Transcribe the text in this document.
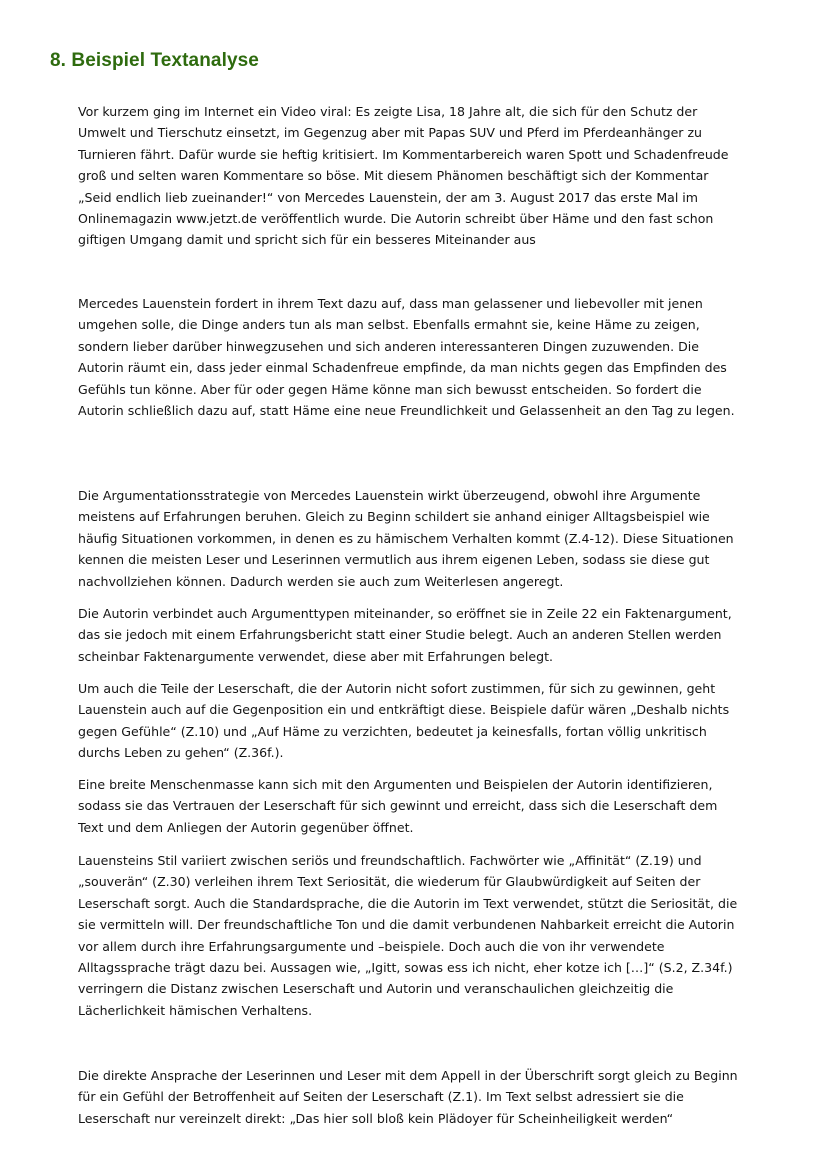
8. Beispiel Textanalyse

Vor kurzem ging im Internet ein Video viral: Es zeigte Lisa, 18 Jahre alt, die sich für den Schutz der Umwelt und Tierschutz einsetzt, im Gegenzug aber mit Papas SUV und Pferd im Pferdeanhänger zu Turnieren fährt. Dafür wurde sie heftig kritisiert. Im Kommentarbereich waren Spott und Schadenfreude groß und selten waren Kommentare so böse. Mit diesem Phänomen beschäftigt sich der Kommentar „Seid endlich lieb zueinander!“ von Mercedes Lauenstein, der am 3. August 2017 das erste Mal im Onlinemagazin www.jetzt.de veröffentlich wurde. Die Autorin schreibt über Häme und den fast schon giftigen Umgang damit und spricht sich für ein besseres Miteinander aus

Mercedes Lauenstein fordert in ihrem Text dazu auf, dass man gelassener und liebevoller mit jenen umgehen solle, die Dinge anders tun als man selbst. Ebenfalls ermahnt sie, keine Häme zu zeigen, sondern lieber darüber hinwegzusehen und sich anderen interessanteren Dingen zuzuwenden. Die Autorin räumt ein, dass jeder einmal Schadenfreue empfinde, da man nichts gegen das Empfinden des Gefühls tun könne. Aber für oder gegen Häme könne man sich bewusst entscheiden. So fordert die Autorin schließlich dazu auf, statt Häme eine neue Freundlichkeit und Gelassenheit an den Tag zu legen.

Die Argumentationsstrategie von Mercedes Lauenstein wirkt überzeugend, obwohl ihre Argumente meistens auf Erfahrungen beruhen. Gleich zu Beginn schildert sie anhand einiger Alltagsbeispiel wie häufig Situationen vorkommen, in denen es zu hämischem Verhalten kommt (Z.4-12). Diese Situationen kennen die meisten Leser und Leserinnen vermutlich aus ihrem eigenen Leben, sodass sie diese gut nachvollziehen können. Dadurch werden sie auch zum Weiterlesen angeregt.

Die Autorin verbindet auch Argumenttypen miteinander, so eröffnet sie in Zeile 22 ein Faktenargument, das sie jedoch mit einem Erfahrungsbericht statt einer Studie belegt. Auch an anderen Stellen werden scheinbar Faktenargumente verwendet, diese aber mit Erfahrungen belegt.

Um auch die Teile der Leserschaft, die der Autorin nicht sofort zustimmen, für sich zu gewinnen, geht Lauenstein auch auf die Gegenposition ein und entkräftigt diese. Beispiele dafür wären „Deshalb nichts gegen Gefühle“ (Z.10) und „Auf Häme zu verzichten, bedeutet ja keinesfalls, fortan völlig unkritisch durchs Leben zu gehen“ (Z.36f.).

Eine breite Menschenmasse kann sich mit den Argumenten und Beispielen der Autorin identifizieren, sodass sie das Vertrauen der Leserschaft für sich gewinnt und erreicht, dass sich die Leserschaft dem Text und dem Anliegen der Autorin gegenüber öffnet.

Lauensteins Stil variiert zwischen seriös und freundschaftlich. Fachwörter wie „Affinität“ (Z.19) und „souverän“ (Z.30) verleihen ihrem Text Seriosität, die wiederum für Glaubwürdigkeit auf Seiten der Leserschaft sorgt. Auch die Standardsprache, die die Autorin im Text verwendet, stützt die Seriosität, die sie vermitteln will. Der freundschaftliche Ton und die damit verbundenen Nahbarkeit erreicht die Autorin vor allem durch ihre Erfahrungsargumente und –beispiele. Doch auch die von ihr verwendete Alltagssprache trägt dazu bei. Aussagen wie, „Igitt, sowas ess ich nicht, eher kotze ich […]“ (S.2, Z.34f.) verringern die Distanz zwischen Leserschaft und Autorin und veranschaulichen gleichzeitig die Lächerlichkeit hämischen Verhaltens.

Die direkte Ansprache der Leserinnen und Leser mit dem Appell in der Überschrift sorgt gleich zu Beginn für ein Gefühl der Betroffenheit auf Seiten der Leserschaft (Z.1). Im Text selbst adressiert sie die Leserschaft nur vereinzelt direkt: „Das hier soll bloß kein Plädoyer für Scheinheiligkeit werden“
